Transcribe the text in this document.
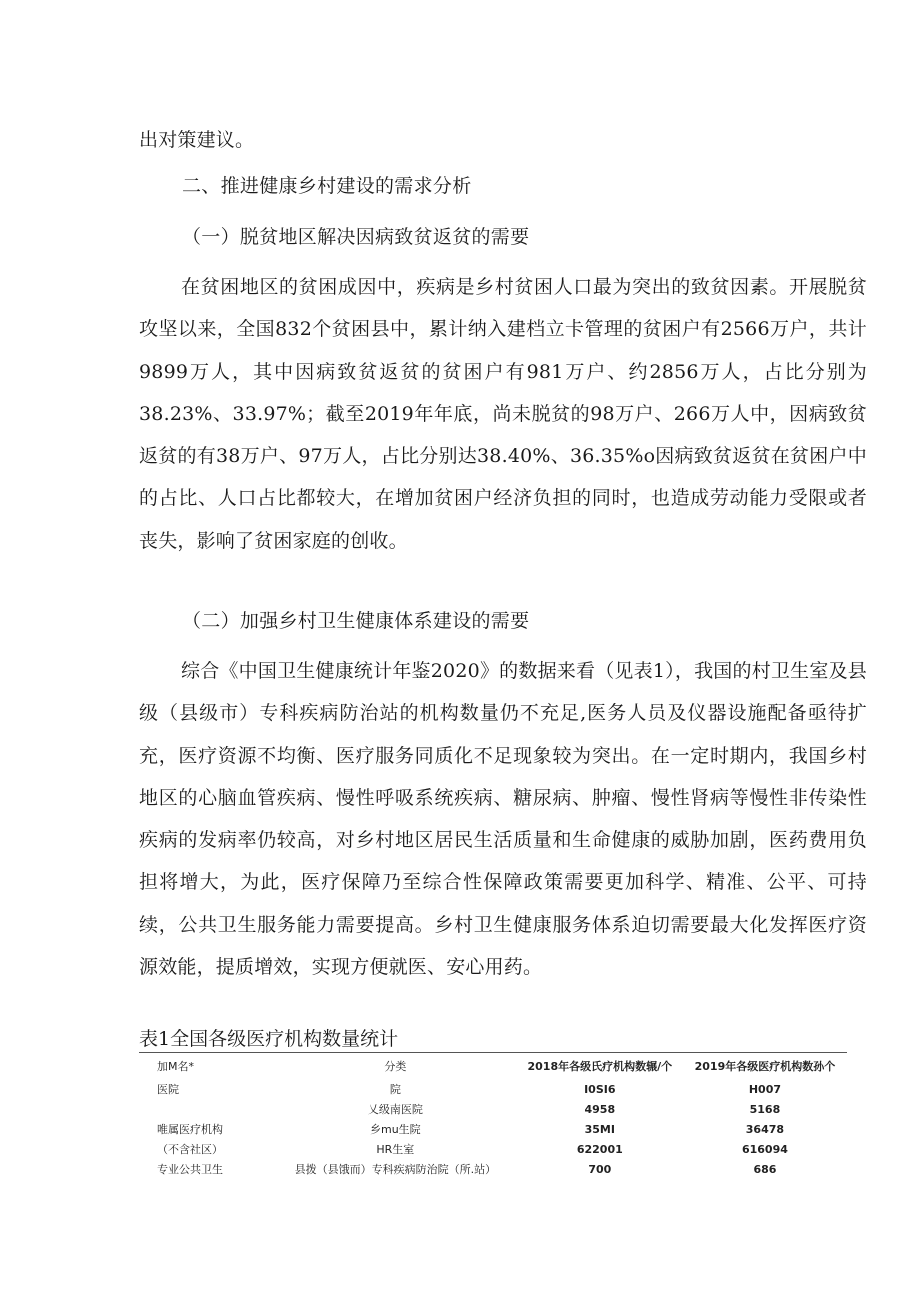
出对策建议。

二、推进健康乡村建设的需求分析

（一）脱贫地区解决因病致贫返贫的需要

在贫困地区的贫困成因中，疾病是乡村贫困人口最为突出的致贫因素。开展脱贫攻坚以来，全国832个贫困县中，累计纳入建档立卡管理的贫困户有2566万户，共计9899万人，其中因病致贫返贫的贫困户有981万户、约2856万人，占比分别为38.23%、33.97%；截至2019年年底，尚未脱贫的98万户、266万人中，因病致贫返贫的有38万户、97万人，占比分别达38.40%、36.35%o因病致贫返贫在贫困户中的占比、人口占比都较大，在增加贫困户经济负担的同时，也造成劳动能力受限或者丧失，影响了贫困家庭的创收。

（二）加强乡村卫生健康体系建设的需要

综合《中国卫生健康统计年鉴2020》的数据来看（见表1），我国的村卫生室及县级（县级市）专科疾病防治站的机构数量仍不充足,医务人员及仪器设施配备亟待扩充，医疗资源不均衡、医疗服务同质化不足现象较为突出。在一定时期内，我国乡村地区的心脑血管疾病、慢性呼吸系统疾病、糖尿病、肿瘤、慢性肾病等慢性非传染性疾病的发病率仍较高，对乡村地区居民生活质量和生命健康的威胁加剧，医药费用负担将增大，为此，医疗保障乃至综合性保障政策需要更加科学、精准、公平、可持续，公共卫生服务能力需要提高。乡村卫生健康服务体系迫切需要最大化发挥医疗资源效能，提质增效，实现方便就医、安心用药。

表1全国各级医疗机构数量统计

加M名*	分类	2018年各级氏疗机构数辗/个	2019年各级医疗机构数孙个
医院	院	I0SI6	H007
	乂级南医院	4958	5168
唯属医疗机构	乡mu生院	35MI	36478
（不含社区）	HR生室	622001	616094
专业公共卫生	县拨（县饿而）专科疾病防治院（所.站）	700	686
